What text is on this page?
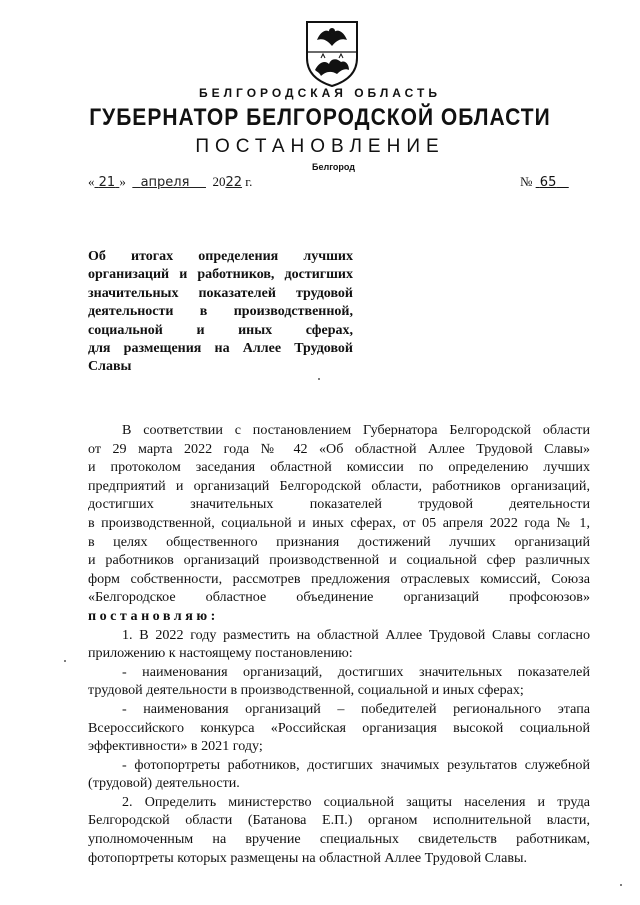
БЕЛГОРОДСКАЯ ОБЛАСТЬ
ГУБЕРНАТОР БЕЛГОРОДСКОЙ ОБЛАСТИ
ПОСТАНОВЛЕНИЕ
Белгород
« 21 » апреля 2022 г.	№ 65
Об итогах определения лучших
организаций и работников, достигших
значительных показателей трудовой
деятельности в производственной,
социальной и иных сферах,
для размещения на Аллее Трудовой
Славы
В соответствии с постановлением Губернатора Белгородской области
от 29 марта 2022 года № 42 «Об областной Аллее Трудовой Славы»
и протоколом заседания областной комиссии по определению лучших
предприятий и организаций Белгородской области, работников организаций,
достигших значительных показателей трудовой деятельности
в производственной, социальной и иных сферах, от 05 апреля 2022 года № 1,
в целях общественного признания достижений лучших организаций
и работников организаций производственной и социальной сфер различных
форм собственности, рассмотрев предложения отраслевых комиссий, Союза
«Белгородское областное объединение организаций профсоюзов»
постановляю:
1. В 2022 году разместить на областной Аллее Трудовой Славы согласно
приложению к настоящему постановлению:
- наименования организаций, достигших значительных показателей
трудовой деятельности в производственной, социальной и иных сферах;
- наименования организаций – победителей регионального этапа
Всероссийского конкурса «Российская организация высокой социальной
эффективности» в 2021 году;
- фотопортреты работников, достигших значимых результатов служебной
(трудовой) деятельности.
2. Определить министерство социальной защиты населения и труда
Белгородской области (Батанова Е.П.) органом исполнительной власти,
уполномоченным на вручение специальных свидетельств работникам,
фотопортреты которых размещены на областной Аллее Трудовой Славы.
